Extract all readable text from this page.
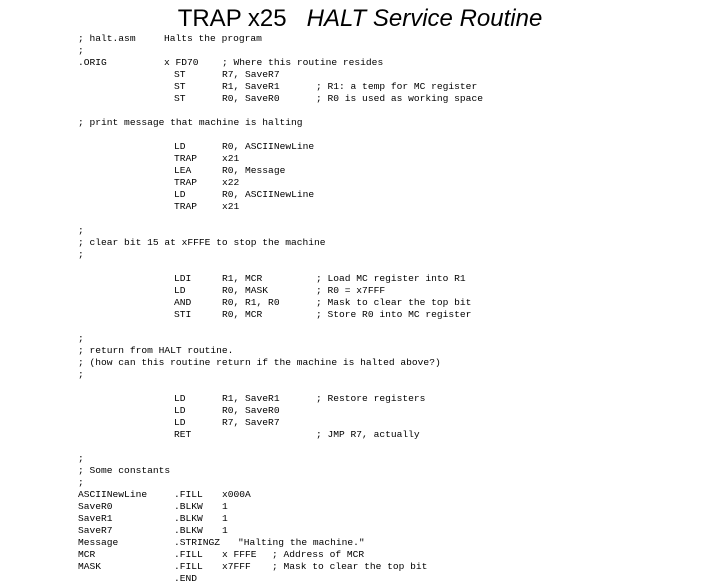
TRAP x25 HALT Service Routine
; halt.asm	Halts the program
;
.ORIG	x FD70 ; Where this routine resides
ST	R7, SaveR7
ST	R1, SaveR1	; R1: a temp for MC register
ST	R0, SaveR0	; R0 is used as working space
; print message that machine is halting
LD	R0, ASCIINewLine
TRAP	x21
LEA	R0, Message
TRAP	x22
LD	R0, ASCIINewLine
TRAP	x21
;
; clear bit 15 at xFFFE to stop the machine
;
LDI	R1, MCR	; Load MC register into R1
LD	R0, MASK	; R0 = x7FFF
AND	R0, R1, R0	; Mask to clear the top bit
STI	R0, MCR	; Store R0 into MC register
;
; return from HALT routine.
; (how can this routine return if the machine is halted above?)
;
LD	R1, SaveR1	; Restore registers
LD	R0, SaveR0
LD	R7, SaveR7
RET	; JMP R7, actually
;
; Some constants
;
ASCIINewLine	.FILL x000A
SaveR0	.BLKW 1
SaveR1	.BLKW 1
SaveR7	.BLKW 1
Message	.STRINGZ "Halting the machine."
MCR	.FILL x FFFE ; Address of MCR
MASK	.FILL x7FFF ; Mask to clear the top bit
.END
